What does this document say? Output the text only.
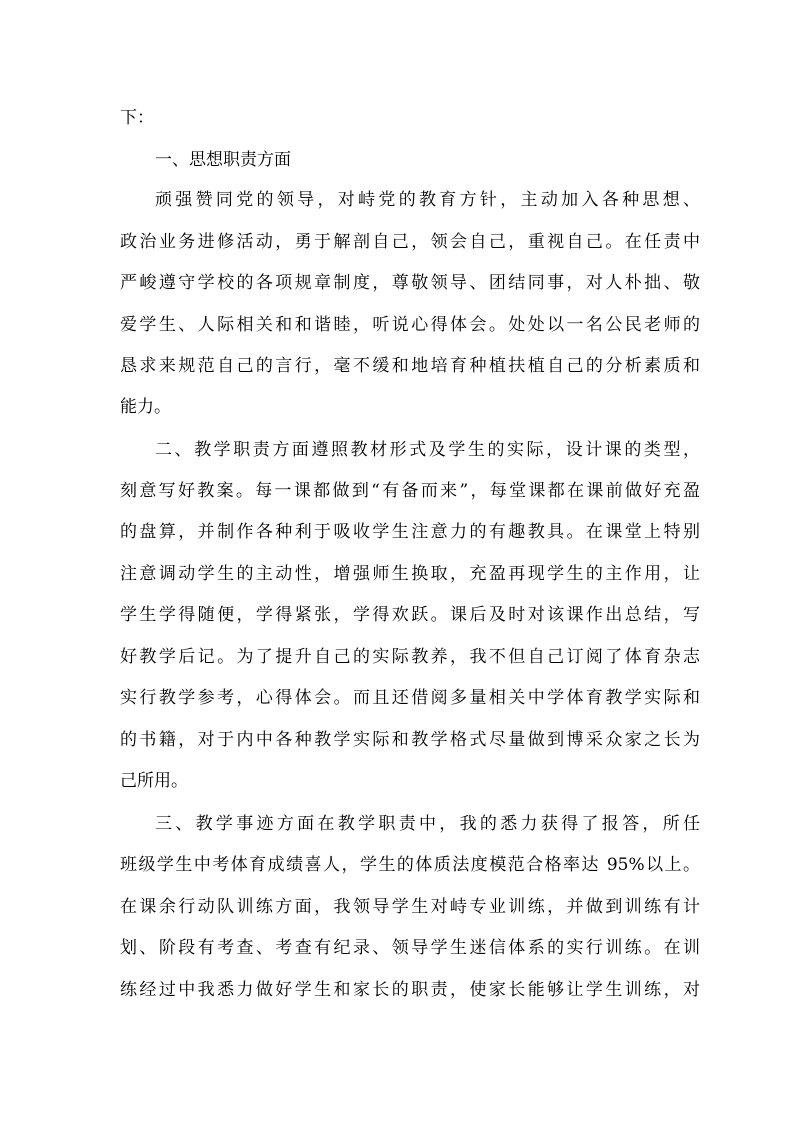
下：
一、思想职责方面
顽强赞同党的领导，对峙党的教育方针，主动加入各种思想、
政治业务进修活动，勇于解剖自己，领会自己，重视自己。在任责中
严峻遵守学校的各项规章制度，尊敬领导、团结同事，对人朴拙、敬
爱学生、人际相关和和谐睦，听说心得体会。处处以一名公民老师的
恳求来规范自己的言行，毫不缓和地培育种植扶植自己的分析素质和
能力。
二、教学职责方面遵照教材形式及学生的实际，设计课的类型，
刻意写好教案。每一课都做到“有备而来”，每堂课都在课前做好充盈
的盘算，并制作各种利于吸收学生注意力的有趣教具。在课堂上特别
注意调动学生的主动性，增强师生换取，充盈再现学生的主作用，让
学生学得随便，学得紧张，学得欢跃。课后及时对该课作出总结，写
好教学后记。为了提升自己的实际教养，我不但自己订阅了体育杂志
实行教学参考，心得体会。而且还借阅多量相关中学体育教学实际和
的书籍，对于内中各种教学实际和教学格式尽量做到博采众家之长为
己所用。
三、教学事迹方面在教学职责中，我的悉力获得了报答，所任
班级学生中考体育成绩喜人，学生的体质法度模范合格率达 95%以上。
在课余行动队训练方面，我领导学生对峙专业训练，并做到训练有计
划、阶段有考查、考查有纪录、领导学生迷信体系的实行训练。在训
练经过中我悉力做好学生和家长的职责，使家长能够让学生训练，对
